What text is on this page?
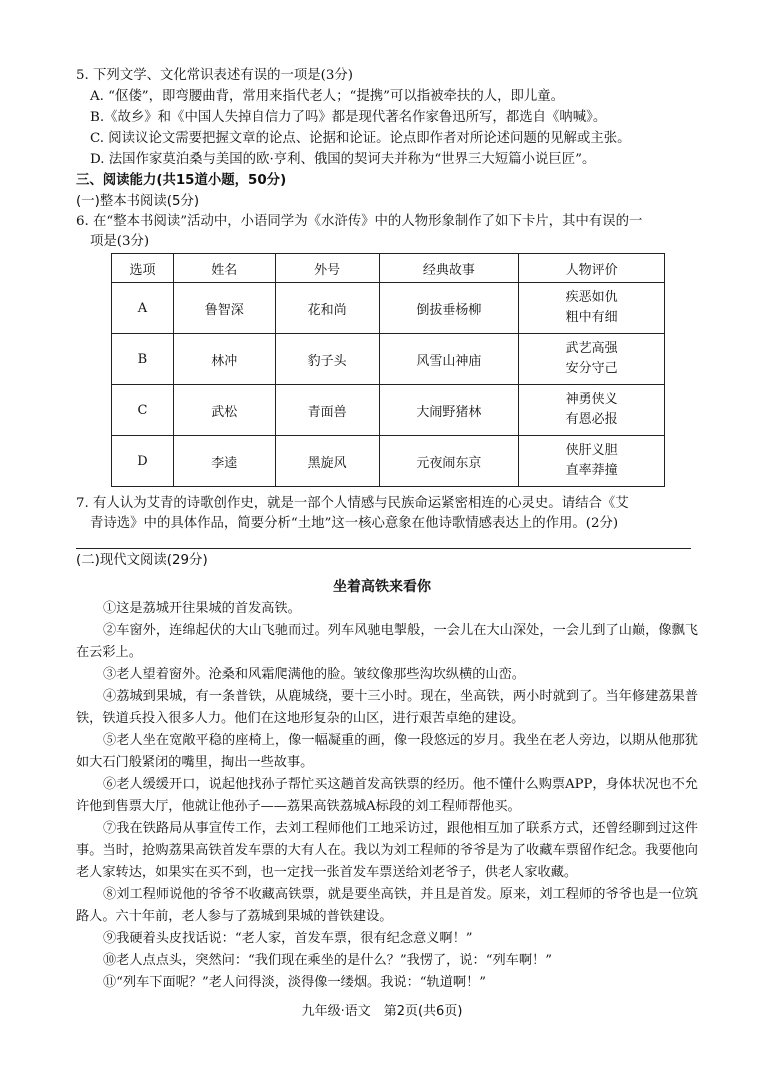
5. 下列文学、文化常识表述有误的一项是(3分)
A. “伛偻”，即弯腰曲背，常用来指代老人；“提携”可以指被牵扶的人，即儿童。
B.《故乡》和《中国人失掉自信力了吗》都是现代著名作家鲁迅所写，都选自《呐喊》。
C. 阅读议论文需要把握文章的论点、论据和论证。论点即作者对所论述问题的见解或主张。
D. 法国作家莫泊桑与美国的欧·亨利、俄国的契诃夫并称为“世界三大短篇小说巨匠”。
三、阅读能力(共15道小题，50分)
(一)整本书阅读(5分)
6. 在“整本书阅读”活动中，小语同学为《水浒传》中的人物形象制作了如下卡片，其中有误的一
项是(3分)
选项	姓名	外号	经典故事	人物评价
A	鲁智深	花和尚	倒拔垂杨柳	疾恶如仇
粗中有细

B	林冲	豹子头	风雪山神庙	武艺高强
安分守己

C	武松	青面兽	大闹野猪林	神勇侠义
有恩必报

D	李逵	黑旋风	元夜闹东京	侠肝义胆
直率莽撞
7. 有人认为艾青的诗歌创作史，就是一部个人情感与民族命运紧密相连的心灵史。请结合《艾
青诗选》中的具体作品，简要分析“土地”这一核心意象在他诗歌情感表达上的作用。(2分)
(二)现代文阅读(29分)
坐着高铁来看你
①这是荔城开往果城的首发高铁。
②车窗外，连绵起伏的大山飞驰而过。列车风驰电掣般，一会儿在大山深处，一会儿到了山巅，像飘飞在云彩上。
③老人望着窗外。沧桑和风霜爬满他的脸。皱纹像那些沟坎纵横的山峦。
④荔城到果城，有一条普铁，从鹿城绕，要十三小时。现在，坐高铁，两小时就到了。当年修建荔果普铁，铁道兵投入很多人力。他们在这地形复杂的山区，进行艰苦卓绝的建设。
⑤老人坐在宽敞平稳的座椅上，像一幅凝重的画，像一段悠远的岁月。我坐在老人旁边，以期从他那犹如大石门般紧闭的嘴里，掏出一些故事。
⑥老人缓缓开口，说起他找孙子帮忙买这趟首发高铁票的经历。他不懂什么购票APP，身体状况也不允许他到售票大厅，他就让他孙子——荔果高铁荔城A标段的刘工程师帮他买。
⑦我在铁路局从事宣传工作，去刘工程师他们工地采访过，跟他相互加了联系方式，还曾经聊到过这件事。当时，抢购荔果高铁首发车票的大有人在。我以为刘工程师的爷爷是为了收藏车票留作纪念。我要他向老人家转达，如果实在买不到，也一定找一张首发车票送给刘老爷子，供老人家收藏。
⑧刘工程师说他的爷爷不收藏高铁票，就是要坐高铁，并且是首发。原来，刘工程师的爷爷也是一位筑路人。六十年前，老人参与了荔城到果城的普铁建设。
⑨我硬着头皮找话说：“老人家，首发车票，很有纪念意义啊！”
⑩老人点点头，突然问：“我们现在乘坐的是什么？”我愣了，说：“列车啊！”
⑪“列车下面呢？”老人问得淡，淡得像一缕烟。我说：“轨道啊！”
九年级·语文　第2页(共6页)
